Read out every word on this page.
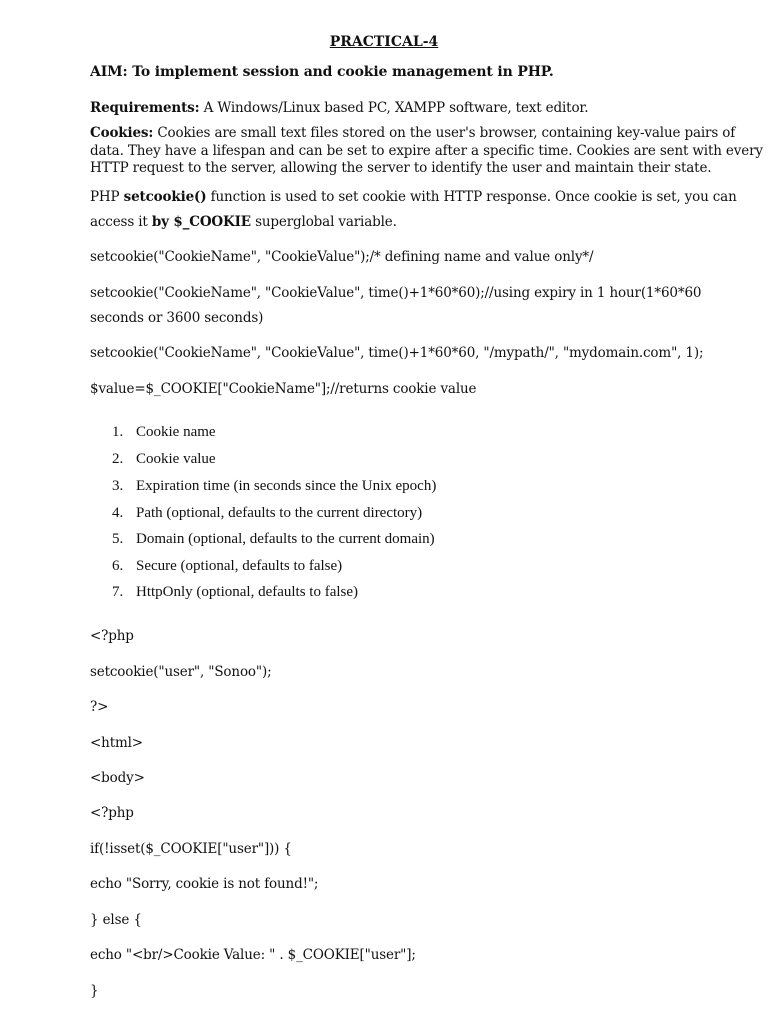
PRACTICAL-4
AIM: To implement session and cookie management in PHP.
Requirements: A Windows/Linux based PC, XAMPP software, text editor.
Cookies: Cookies are small text files stored on the user's browser, containing key-value pairs of
data. They have a lifespan and can be set to expire after a specific time. Cookies are sent with every
HTTP request to the server, allowing the server to identify the user and maintain their state.
PHP setcookie() function is used to set cookie with HTTP response. Once cookie is set, you can
access it by $_COOKIE superglobal variable.
setcookie("CookieName", "CookieValue");/* defining name and value only*/
setcookie("CookieName", "CookieValue", time()+1*60*60);//using expiry in 1 hour(1*60*60
seconds or 3600 seconds)
setcookie("CookieName", "CookieValue", time()+1*60*60, "/mypath/", "mydomain.com", 1);
$value=$_COOKIE["CookieName"];//returns cookie value
1. Cookie name
2. Cookie value
3. Expiration time (in seconds since the Unix epoch)
4. Path (optional, defaults to the current directory)
5. Domain (optional, defaults to the current domain)
6. Secure (optional, defaults to false)
7. HttpOnly (optional, defaults to false)
<?php
setcookie("user", "Sonoo");
?>
<html>
<body>
<?php
if(!isset($_COOKIE["user"])) {
echo "Sorry, cookie is not found!";
} else {
echo "<br/>Cookie Value: " . $_COOKIE["user"];
}
